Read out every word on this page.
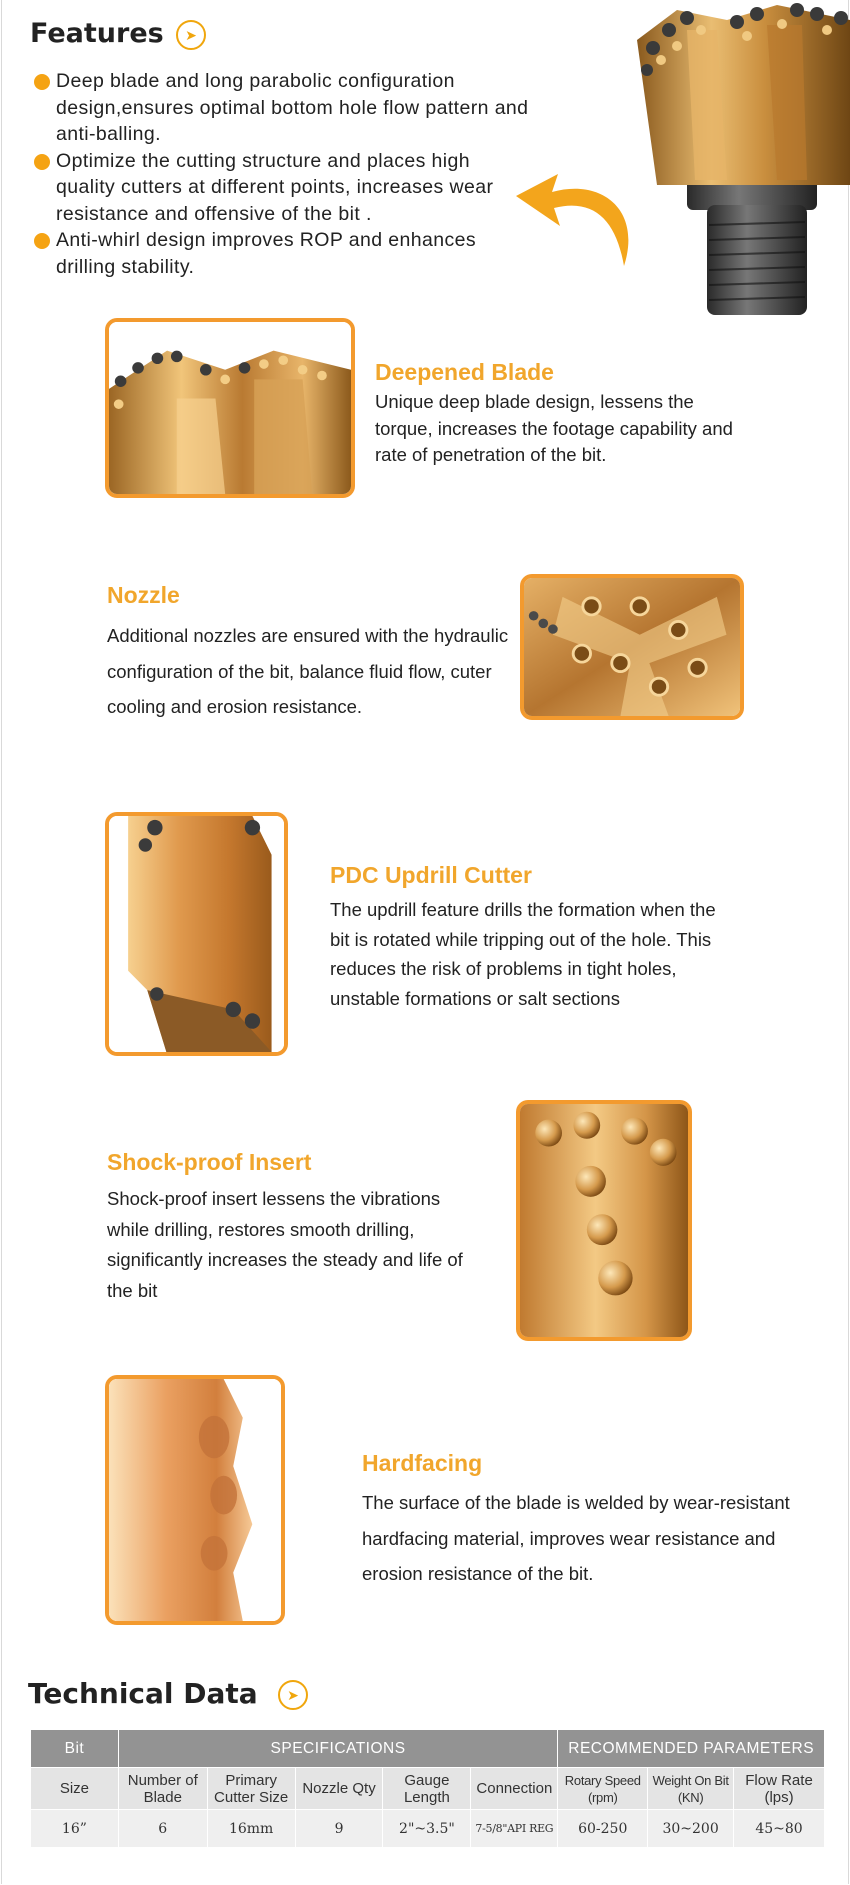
Features	➤
Deep blade and long parabolic configuration design,ensures optimal bottom hole flow pattern and anti-balling.
Optimize the cutting structure and places high quality cutters at different points, increases wear resistance and offensive of the bit .
Anti-whirl design improves ROP and enhances drilling stability.
Deepened Blade
Unique deep blade design, lessens the torque, increases the footage capability and rate of penetration of the bit.
Nozzle
Additional nozzles are ensured with the hydraulic configuration of the bit, balance fluid flow, cuter cooling and erosion resistance.
PDC Updrill Cutter
The updrill feature drills the formation when the bit is rotated while tripping out of the hole. This reduces the risk of problems in tight holes, unstable formations or salt sections
Shock-proof Insert
Shock-proof insert lessens the vibrations while drilling, restores smooth drilling, significantly increases the steady and life of the bit
Hardfacing
The surface of the blade is welded by wear-resistant hardfacing material, improves wear resistance and erosion resistance of the bit.
Technical Data	➤
Bit	SPECIFICATIONS					RECOMMENDED PARAMETERS		
Size	Number of Blade	Primary Cutter Size	Nozzle Qty	Gauge Length	Connection	Rotary Speed (rpm)	Weight On Bit (KN)	Flow Rate (lps)
16”	6	16mm	9	2"~3.5"	7-5/8"API REG	60-250	30~200	45~80
